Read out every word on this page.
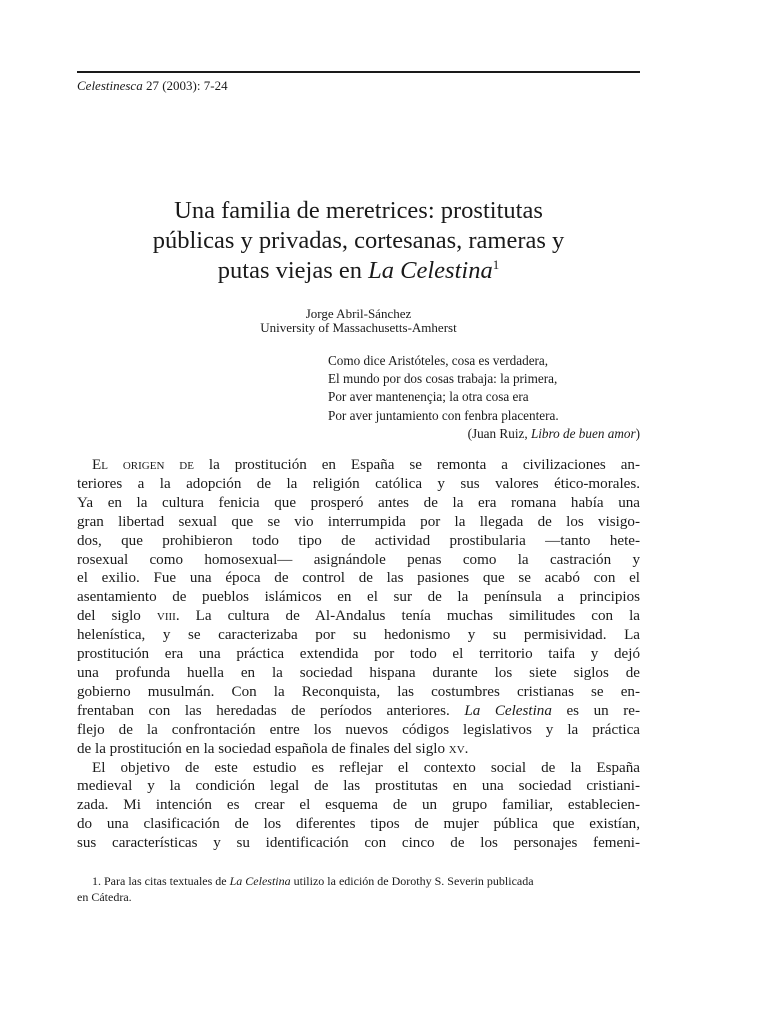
Celestinesca 27 (2003): 7-24
Una familia de meretrices: prostitutas
públicas y privadas, cortesanas, rameras y
putas viejas en La Celestina$^1$
Jorge Abril-Sánchez
University of Massachusetts-Amherst
Como dice Aristóteles, cosa es verdadera,
El mundo por dos cosas trabaja: la primera,
Por aver mantenençia; la otra cosa era
Por aver juntamiento con fenbra placentera.
(Juan Ruiz, Libro de buen amor)
El origen de la prostitución en España se remonta a civilizaciones an-
teriores a la adopción de la religión católica y sus valores ético-morales.
Ya en la cultura fenicia que prosperó antes de la era romana había una
gran libertad sexual que se vio interrumpida por la llegada de los visigo-
dos, que prohibieron todo tipo de actividad prostibularia —tanto hete-
rosexual como homosexual— asignándole penas como la castración y
el exilio. Fue una época de control de las pasiones que se acabó con el
asentamiento de pueblos islámicos en el sur de la península a principios
del siglo viii. La cultura de Al-Andalus tenía muchas similitudes con la
helenística, y se caracterizaba por su hedonismo y su permisividad. La
prostitución era una práctica extendida por todo el territorio taifa y dejó
una profunda huella en la sociedad hispana durante los siete siglos de
gobierno musulmán. Con la Reconquista, las costumbres cristianas se en-
frentaban con las heredadas de períodos anteriores. La Celestina es un re-
flejo de la confrontación entre los nuevos códigos legislativos y la práctica
de la prostitución en la sociedad española de finales del siglo xv.
El objetivo de este estudio es reflejar el contexto social de la España
medieval y la condición legal de las prostitutas en una sociedad cristiani-
zada. Mi intención es crear el esquema de un grupo familiar, establecien-
do una clasificación de los diferentes tipos de mujer pública que existían,
sus características y su identificación con cinco de los personajes femeni-
1. Para las citas textuales de La Celestina utilizo la edición de Dorothy S. Severin publicada
en Cátedra.
